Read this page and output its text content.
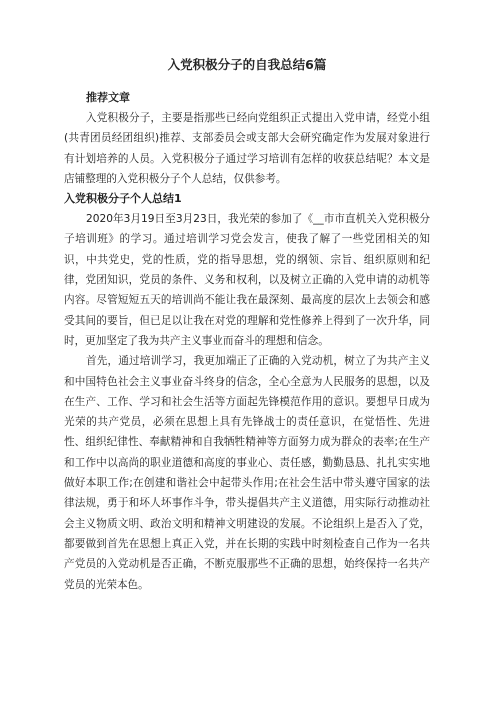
入党积极分子的自我总结6篇

推荐文章

入党积极分子，主要是指那些已经向党组织正式提出入党申请，经党小组(共青团员经团组织)推荐、支部委员会或支部大会研究确定作为发展对象进行有计划培养的人员。入党积极分子通过学习培训有怎样的收获总结呢？本文是店铺整理的入党积极分子个人总结，仅供参考。

入党积极分子个人总结1

2020年3月19日至3月23日，我光荣的参加了《__市市直机关入党积极分子培训班》的学习。通过培训学习党会发言，使我了解了一些党团相关的知识，中共党史，党的性质，党的指导思想，党的纲领、宗旨、组织原则和纪律，党团知识，党员的条件、义务和权利，以及树立正确的入党申请的动机等内容。尽管短短五天的培训尚不能让我在最深刻、最高度的层次上去领会和感受其间的要旨，但已足以让我在对党的理解和党性修养上得到了一次升华，同时，更加坚定了我为共产主义事业而奋斗的理想和信念。

首先，通过培训学习，我更加端正了正确的入党动机，树立了为共产主义和中国特色社会主义事业奋斗终身的信念，全心全意为人民服务的思想，以及在生产、工作、学习和社会生活等方面起先锋模范作用的意识。要想早日成为光荣的共产党员，必须在思想上具有先锋战士的责任意识，在觉悟性、先进性、组织纪律性、奉献精神和自我牺牲精神等方面努力成为群众的表率;在生产和工作中以高尚的职业道德和高度的事业心、责任感，勤勤恳恳、扎扎实实地做好本职工作;在创建和谐社会中起带头作用;在社会生活中带头遵守国家的法律法规，勇于和坏人坏事作斗争，带头提倡共产主义道德，用实际行动推动社会主义物质文明、政治文明和精神文明建设的发展。不论组织上是否入了党，都要做到首先在思想上真正入党，并在长期的实践中时刻检查自己作为一名共产党员的入党动机是否正确，不断克服那些不正确的思想，始终保持一名共产党员的光荣本色。
